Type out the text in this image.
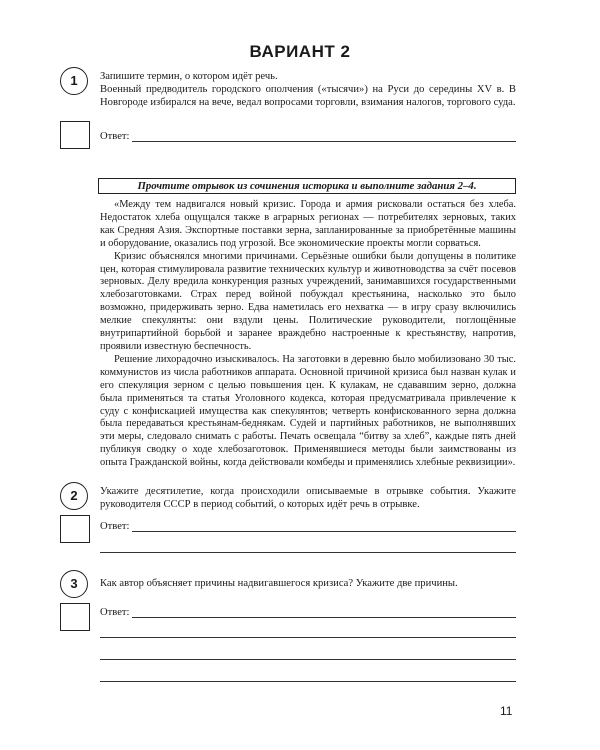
ВАРИАНТ 2
1	Запишите термин, о котором идёт речь.
Военный предводитель городского ополчения («тысячи») на Руси до середины XV в. В Новгороде избирался на вече, ведал вопросами торговли, взимания налогов, торгового суда.
Ответ:
Прочтите отрывок из сочинения историка и выполните задания 2–4.

«Между тем надвигался новый кризис. Города и армия рисковали остаться без хлеба. Недостаток хлеба ощущался также в аграрных регионах — потребителях зерновых, таких как Средняя Азия. Экспортные поставки зерна, запланированные за приобретённые машины и оборудование, оказались под угрозой. Все экономические проекты могли сорваться.

Кризис объяснялся многими причинами. Серьёзные ошибки были допущены в политике цен, которая стимулировала развитие технических культур и животноводства за счёт посевов зерновых. Делу вредила конкуренция разных учреждений, занимавшихся государственными хлебозаготовками. Страх перед войной побуждал крестьянина, насколько это было возможно, придерживать зерно. Едва наметилась его нехватка — в игру сразу включились мелкие спекулянты: они вздули цены. Политические руководители, поглощённые внутрипартийной борьбой и заранее враждебно настроенные к крестьянству, напротив, проявили известную беспечность.

Решение лихорадочно изыскивалось. На заготовки в деревню было мобилизовано 30 тыс. коммунистов из числа работников аппарата. Основной причиной кризиса был назван кулак и его спекуляция зерном с целью повышения цен. К кулакам, не сдававшим зерно, должна была применяться та статья Уголовного кодекса, которая предусматривала привлечение к суду с конфискацией имущества как спекулянтов; четверть конфискованного зерна должна была передаваться крестьянам-беднякам. Судей и партийных работников, не выполнявших эти меры, следовало снимать с работы. Печать освещала “битву за хлеб”, каждые пять дней публикуя сводку о ходе хлебозаготовок. Применявшиеся методы были заимствованы из опыта Гражданской войны, когда действовали комбеды и применялись хлебные реквизиции».

2	Укажите десятилетие, когда происходили описываемые в отрывке события. Укажите руководителя СССР в период событий, о которых идёт речь в отрывке.
Ответ:
3	Как автор объясняет причины надвигавшегося кризиса? Укажите две причины.
Ответ:
11
